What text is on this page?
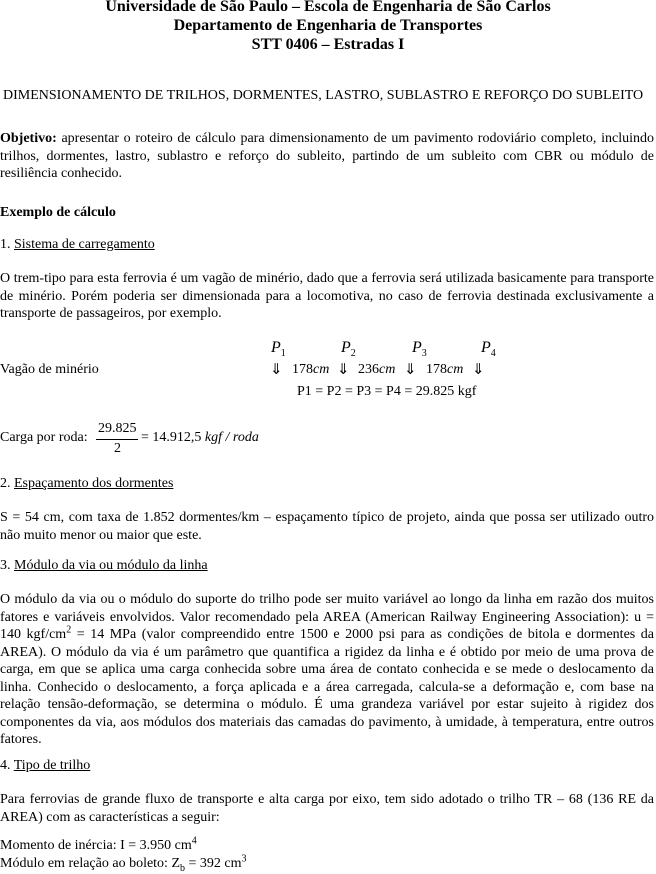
Universidade de São Paulo – Escola de Engenharia de São Carlos
Departamento de Engenharia de Transportes
STT 0406 – Estradas I
DIMENSIONAMENTO DE TRILHOS, DORMENTES, LASTRO, SUBLASTRO E REFORÇO DO SUBLEITO
Objetivo: apresentar o roteiro de cálculo para dimensionamento de um pavimento rodoviário completo, incluindo trilhos, dormentes, lastro, sublastro e reforço do subleito, partindo de um subleito com CBR ou módulo de resiliência conhecido.
Exemplo de cálculo
1. Sistema de carregamento
O trem-tipo para esta ferrovia é um vagão de minério, dado que a ferrovia será utilizada basicamente para transporte de minério. Porém poderia ser dimensionada para a locomotiva, no caso de ferrovia destinada exclusivamente a transporte de passageiros, por exemplo.
$P_1$	$P_2$	$P_3$	$P_4$
Vagão de minério	⇓ 178cm ⇓ 236cm ⇓ 178cm ⇓
P1 = P2 = P3 = P4 = 29.825 kgf
Carga por roda:
29.825
2
= 14.912,5 kgf / roda
2. Espaçamento dos dormentes
S = 54 cm, com taxa de 1.852 dormentes/km – espaçamento típico de projeto, ainda que possa ser utilizado outro não muito menor ou maior que este.
3. Módulo da via ou módulo da linha
O módulo da via ou o módulo do suporte do trilho pode ser muito variável ao longo da linha em razão dos muitos fatores e variáveis envolvidos. Valor recomendado pela AREA (American Railway Engineering Association): u = 140 kgf/$cm^2 = 14$ MPa (valor compreendido entre 1500 e 2000 psi para as condições de bitola e dormentes da AREA). O módulo da via é um parâmetro que quantifica a rigidez da linha e é obtido por meio de uma prova de carga, em que se aplica uma carga conhecida sobre uma área de contato conhecida e se mede o deslocamento da linha. Conhecido o deslocamento, a força aplicada e a área carregada, calcula-se a deformação e, com base na relação tensão-deformação, se determina o módulo. É uma grandeza variável por estar sujeito à rigidez dos componentes da via, aos módulos dos materiais das camadas do pavimento, à umidade, à temperatura, entre outros fatores.
4. Tipo de trilho
Para ferrovias de grande fluxo de transporte e alta carga por eixo, tem sido adotado o trilho TR – 68 (136 RE da AREA) com as características a seguir:
Momento de inércia: I = 3.950 $cm^4$
Módulo em relação ao boleto: $Z_b = 392$ $cm^3$
